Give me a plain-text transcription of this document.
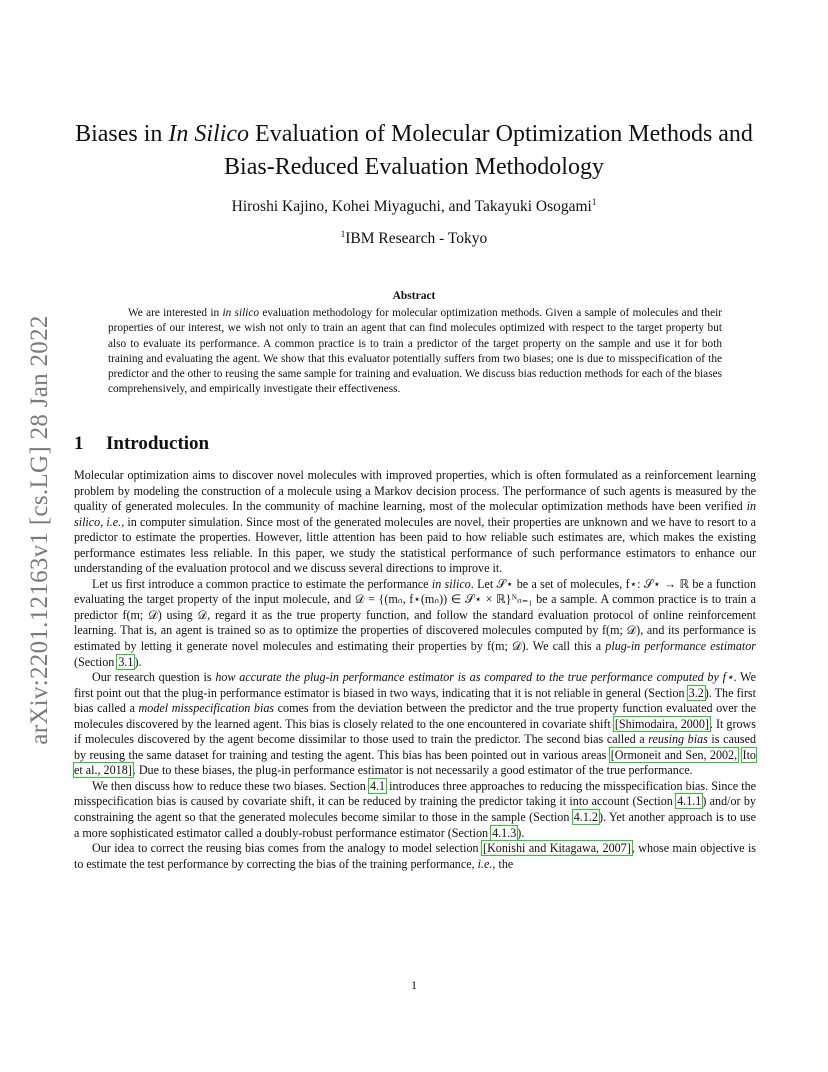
arXiv:2201.12163v1 [cs.LG] 28 Jan 2022
Biases in In Silico Evaluation of Molecular Optimization Methods and
Bias-Reduced Evaluation Methodology
Hiroshi Kajino, Kohei Miyaguchi, and Takayuki Osogami$^1$
$^1$IBM Research - Tokyo
Abstract

We are interested in in silico evaluation methodology for molecular optimization methods. Given a sample of molecules and their properties of our interest, we wish not only to train an agent that can find molecules optimized with respect to the target property but also to evaluate its performance. A common practice is to train a predictor of the target property on the sample and use it for both training and evaluating the agent. We show that this evaluator potentially suffers from two biases; one is due to misspecification of the predictor and the other to reusing the same sample for training and evaluation. We discuss bias reduction methods for each of the biases comprehensively, and empirically investigate their effectiveness.

1 Introduction

Molecular optimization aims to discover novel molecules with improved properties, which is often formulated as a reinforcement learning problem by modeling the construction of a molecule using a Markov decision process. The performance of such agents is measured by the quality of generated molecules. In the community of machine learning, most of the molecular optimization methods have been verified in silico, i.e., in computer simulation. Since most of the generated molecules are novel, their properties are unknown and we have to resort to a predictor to estimate the properties. However, little attention has been paid to how reliable such estimates are, which makes the existing performance estimates less reliable. In this paper, we study the statistical performance of such performance estimators to enhance our understanding of the evaluation protocol and we discuss several directions to improve it.

Let us first introduce a common practice to estimate the performance in silico. Let 𝒮⋆ be a set of molecules, f⋆: 𝒮⋆ → ℝ be a function evaluating the target property of the input molecule, and 𝒟 = {(mₙ, f⋆(mₙ)) ∈ 𝒮⋆ × ℝ}ᴺₙ₌₁ be a sample. A common practice is to train a predictor f(m; 𝒟) using 𝒟, regard it as the true property function, and follow the standard evaluation protocol of online reinforcement learning. That is, an agent is trained so as to optimize the properties of discovered molecules computed by f(m; 𝒟), and its performance is estimated by letting it generate novel molecules and estimating their properties by f(m; 𝒟). We call this a plug-in performance estimator (Section 3.1).

Our research question is how accurate the plug-in performance estimator is as compared to the true performance computed by f⋆. We first point out that the plug-in performance estimator is biased in two ways, indicating that it is not reliable in general (Section 3.2). The first bias called a model misspecification bias comes from the deviation between the predictor and the true property function evaluated over the molecules discovered by the learned agent. This bias is closely related to the one encountered in covariate shift [Shimodaira, 2000]. It grows if molecules discovered by the agent become dissimilar to those used to train the predictor. The second bias called a reusing bias is caused by reusing the same dataset for training and testing the agent. This bias has been pointed out in various areas [Ormoneit and Sen, 2002, Ito et al., 2018]. Due to these biases, the plug-in performance estimator is not necessarily a good estimator of the true performance.

We then discuss how to reduce these two biases. Section 4.1 introduces three approaches to reducing the misspecification bias. Since the misspecification bias is caused by covariate shift, it can be reduced by training the predictor taking it into account (Section 4.1.1) and/or by constraining the agent so that the generated molecules become similar to those in the sample (Section 4.1.2). Yet another approach is to use a more sophisticated estimator called a doubly-robust performance estimator (Section 4.1.3).

Our idea to correct the reusing bias comes from the analogy to model selection [Konishi and Kitagawa, 2007], whose main objective is to estimate the test performance by correcting the bias of the training performance, i.e., the

1
